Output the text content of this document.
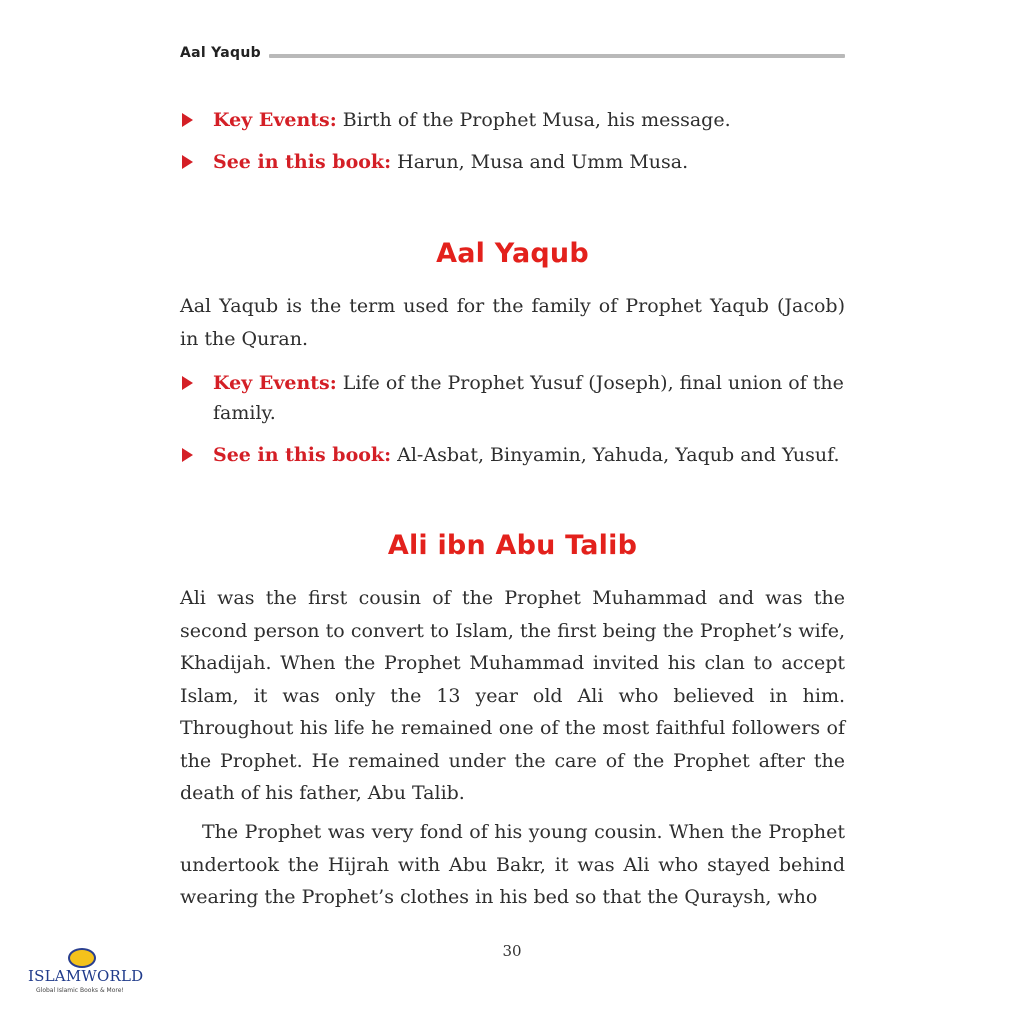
Aal Yaqub
Key Events: Birth of the Prophet Musa, his message.
See in this book: Harun, Musa and Umm Musa.
Aal Yaqub

Aal Yaqub is the term used for the family of Prophet Yaqub (Jacob) in the Quran.

Key Events: Life of the Prophet Yusuf (Joseph), final union of the family.
See in this book: Al-Asbat, Binyamin, Yahuda, Yaqub and Yusuf.
Ali ibn Abu Talib

Ali was the first cousin of the Prophet Muhammad and was the second person to convert to Islam, the first being the Prophet’s wife, Khadijah. When the Prophet Muhammad invited his clan to accept Islam, it was only the 13 year old Ali who believed in him. Throughout his life he remained one of the most faithful followers of the Prophet. He remained under the care of the Prophet after the death of his father, Abu Talib.

The Prophet was very fond of his young cousin. When the Prophet undertook the Hijrah with Abu Bakr, it was Ali who stayed behind wearing the Prophet’s clothes in his bed so that the Quraysh, who

30
ISLAMWORLD
Global Islamic Books & More!
